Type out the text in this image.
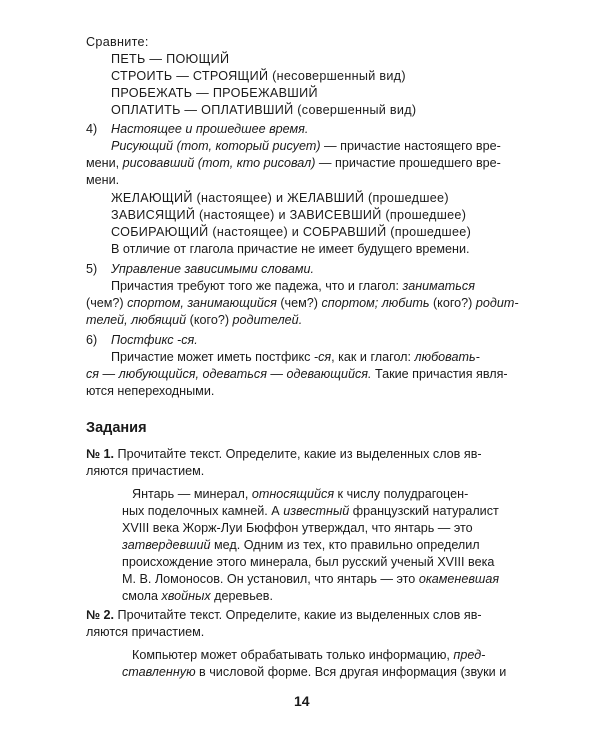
Сравните:
ПЕТЬ — ПОЮЩИЙ
СТРОИТЬ — СТРОЯЩИЙ (несовершенный вид)
ПРОБЕЖАТЬ — ПРОБЕЖАВШИЙ
ОПЛАТИТЬ — ОПЛАТИВШИЙ (совершенный вид)
4) Настоящее и прошедшее время.
Рисующий (тот, который рисует) — причастие настоящего вре-
мени, рисовавший (тот, кто рисовал) — причастие прошедшего вре-
мени.
ЖЕЛАЮЩИЙ (настоящее) и ЖЕЛАВШИЙ (прошедшее)
ЗАВИСЯЩИЙ (настоящее) и ЗАВИСЕВШИЙ (прошедшее)
СОБИРАЮЩИЙ (настоящее) и СОБРАВШИЙ (прошедшее)
В отличие от глагола причастие не имеет будущего времени.
5) Управление зависимыми словами.
Причастия требуют того же падежа, что и глагол: заниматься
(чем?) спортом, занимающийся (чем?) спортом; любить (кого?) родит-
телей, любящий (кого?) родителей.
6) Постфикс -ся.
Причастие может иметь постфикс -ся, как и глагол: любовать-
ся — любующийся, одеваться — одевающийся. Такие причастия явля-
ются непереходными.
Задания
№ 1. Прочитайте текст. Определите, какие из выделенных слов яв-
ляются причастием.
Янтарь — минерал, относящийся к числу полудрагоцен-
ных поделочных камней. А известный французский натуралист
XVIII века Жорж-Луи Бюффон утверждал, что янтарь — это
затвердевший мед. Одним из тех, кто правильно определил
происхождение этого минерала, был русский ученый XVIII века
М. В. Ломоносов. Он установил, что янтарь — это окаменевшая
смола хвойных деревьев.
№ 2. Прочитайте текст. Определите, какие из выделенных слов яв-
ляются причастием.
Компьютер может обрабатывать только информацию, пред-
ставленную в числовой форме. Вся другая информация (звуки и
14
